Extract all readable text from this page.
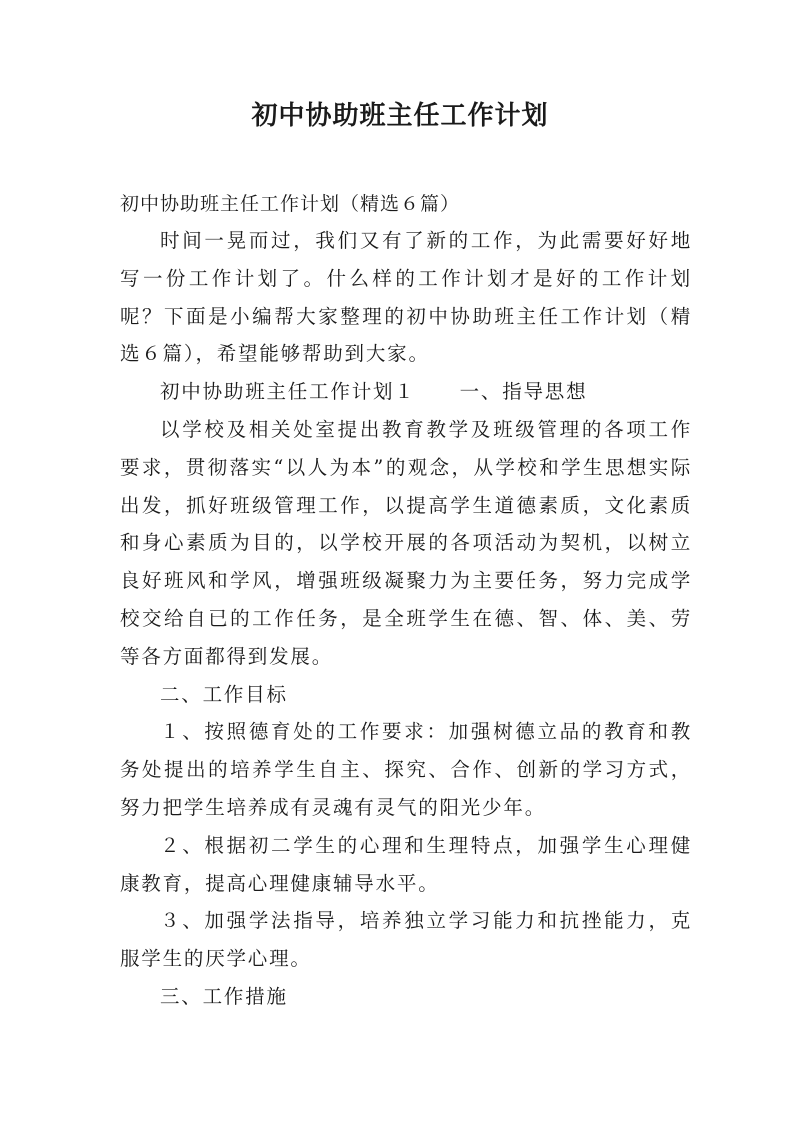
初中协助班主任工作计划
初中协助班主任工作计划（精选６篇）

时间一晃而过，我们又有了新的工作，为此需要好好地写一份工作计划了。什么样的工作计划才是好的工作计划呢？下面是小编帮大家整理的初中协助班主任工作计划（精选６篇），希望能够帮助到大家。

初中协助班主任工作计划１ 一、指导思想

以学校及相关处室提出教育教学及班级管理的各项工作要求，贯彻落实“以人为本”的观念，从学校和学生思想实际出发，抓好班级管理工作，以提高学生道德素质，文化素质和身心素质为目的，以学校开展的各项活动为契机，以树立良好班风和学风，增强班级凝聚力为主要任务，努力完成学校交给自已的工作任务，是全班学生在德、智、体、美、劳等各方面都得到发展。

二、工作目标

１、按照德育处的工作要求：加强树德立品的教育和教务处提出的培养学生自主、探究、合作、创新的学习方式，努力把学生培养成有灵魂有灵气的阳光少年。

２、根据初二学生的心理和生理特点，加强学生心理健康教育，提高心理健康辅导水平。

３、加强学法指导，培养独立学习能力和抗挫能力，克服学生的厌学心理。

三、工作措施
